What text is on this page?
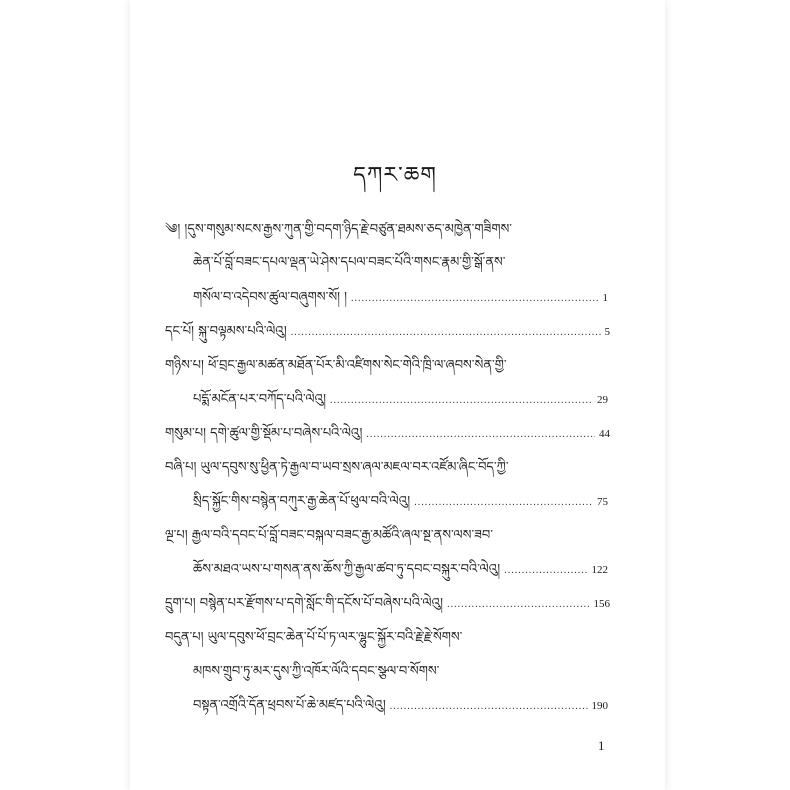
དཀར་ཆག
༄། །དུས་གསུམ་སངས་རྒྱས་ཀུན་གྱི་བདག་ཉིད་རྗེ་བཙུན་ཐམས་ཅད་མཁྱེན་གཟིགས་
ཆེན་པོ་བློ་བཟང་དཔལ་ལྡན་ཡེ་ཤེས་དཔལ་བཟང་པོའི་གསང་རྣམ་གྱི་སྒོ་ནས་
གསོལ་བ་འདེབས་ཚུལ་བཞུགས་སོ། ། .....	1
དང་པོ། སྐུ་བལྟམས་པའི་ལེའུ། .....	5
གཉིས་པ། ཕོ་བྲང་རྒྱལ་མཚན་མཐོན་པོར་མི་འཛིགས་སེང་གེའི་ཁྲི་ལ་ཞབས་སེན་གྱི་
པདྨོ་མངོན་པར་བཀོད་པའི་ལེའུ། .....	29
གསུམ་པ། དགེ་ཚུལ་གྱི་སྡོམ་པ་བཞེས་པའི་ལེའུ། .....	44
བཞི་པ། ཡུལ་དབུས་སུ་ཕྱིན་ཏེ་རྒྱལ་བ་ཡབ་སྲས་ཞལ་མཇལ་བར་འཛོམ་ཞིང་བོད་ཀྱི་
སྲིད་སྐྱོང་གིས་བསྙེན་བཀུར་རྒྱ་ཆེན་པོ་ཕུལ་བའི་ལེའུ། .....	75
ལྔ་པ། རྒྱལ་བའི་དབང་པོ་བློ་བཟང་བསྐལ་བཟང་རྒྱ་མཚོའི་ཞལ་སྔ་ནས་ལས་ཟབ་
ཆོས་མཐའ་ཡས་པ་གསན་ནས་ཆོས་ཀྱི་རྒྱལ་ཚབ་ཏུ་དབང་བསྐུར་བའི་ལེའུ། .....	122
དྲུག་པ། བསྙེན་པར་རྫོགས་པ་དགེ་སློང་གི་དངོས་པོ་བཞེས་པའི་ལེའུ། .....	156
བདུན་པ། ཡུལ་དབུས་ཕོ་བྲང་ཆེན་པོ་པོ་ཏ་ལར་ལྷུང་སྐྱོར་བའི་རྗེ་རྗེ་སོགས་
མཁས་གྲུབ་ཏུ་མར་དུས་ཀྱི་འཁོར་ལོའི་དབང་སྩལ་བ་སོགས་
བསྟན་འགྲོའི་དོན་ཕྲབས་པོ་ཆེ་མཛད་པའི་ལེའུ། .....	190
1
